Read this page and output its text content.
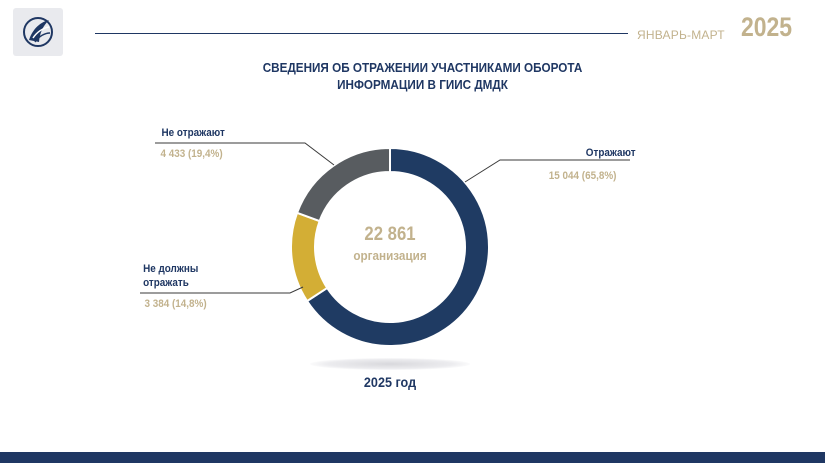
ЯНВАРЬ-МАРТ 2025
СВЕДЕНИЯ ОБ ОТРАЖЕНИИ УЧАСТНИКАМИ ОБОРОТА
ИНФОРМАЦИИ В ГИИС ДМДК
Отражают
15 044 (65,8%)
Не отражают
4 433 (19,4%)
Не должны
отражать
3 384 (14,8%)
22 861
организация
2025 год
